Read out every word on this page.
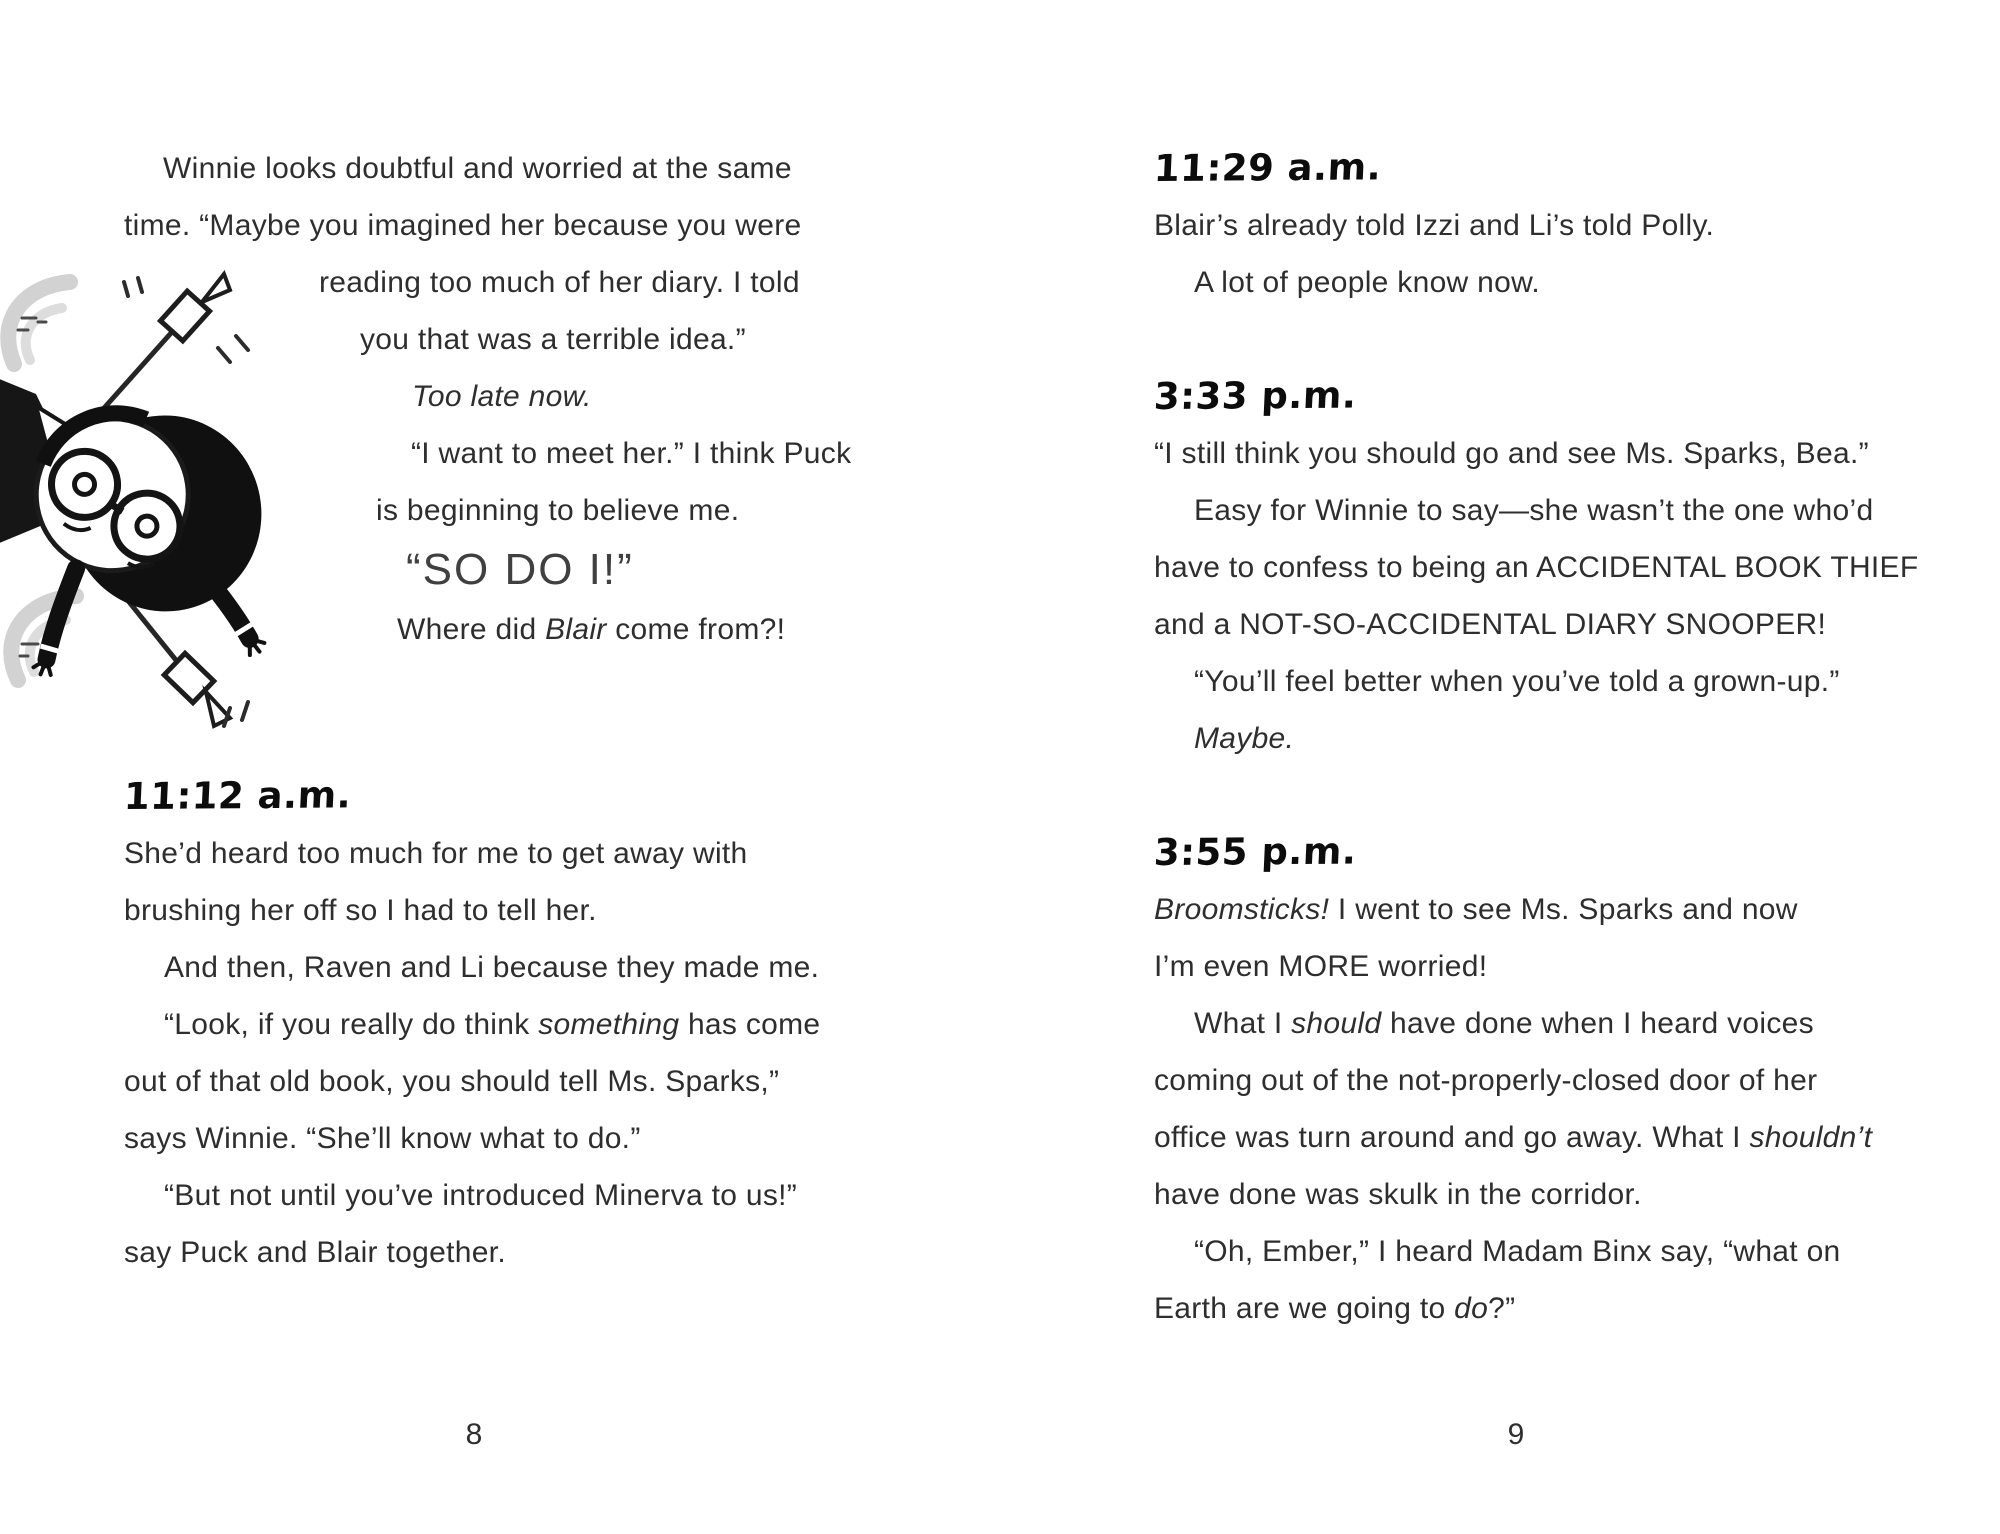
Winnie looks doubtful and worried at the same
time. “Maybe you imagined her because you were
reading too much of her diary. I told
you that was a terrible idea.”
Too late now.
“I want to meet her.” I think Puck
is beginning to believe me.
“SO DO I!”
Where did Blair come from?!
11:12 a.m.
She’d heard too much for me to get away with
brushing her off so I had to tell her.
And then, Raven and Li because they made me.
“Look, if you really do think something has come
out of that old book, you should tell Ms. Sparks,”
says Winnie. “She’ll know what to do.”
“But not until you’ve introduced Minerva to us!”
say Puck and Blair together.
8
11:29 a.m.
Blair’s already told Izzi and Li’s told Polly.
A lot of people know now.
3:33 p.m.
“I still think you should go and see Ms. Sparks, Bea.”
Easy for Winnie to say—she wasn’t the one who’d
have to confess to being an ACCIDENTAL BOOK THIEF
and a NOT-SO-ACCIDENTAL DIARY SNOOPER!
“You’ll feel better when you’ve told a grown-up.”
Maybe.
3:55 p.m.
Broomsticks! I went to see Ms. Sparks and now
I’m even MORE worried!
What I should have done when I heard voices
coming out of the not-properly-closed door of her
office was turn around and go away. What I shouldn’t
have done was skulk in the corridor.
“Oh, Ember,” I heard Madam Binx say, “what on
Earth are we going to do?”
9
